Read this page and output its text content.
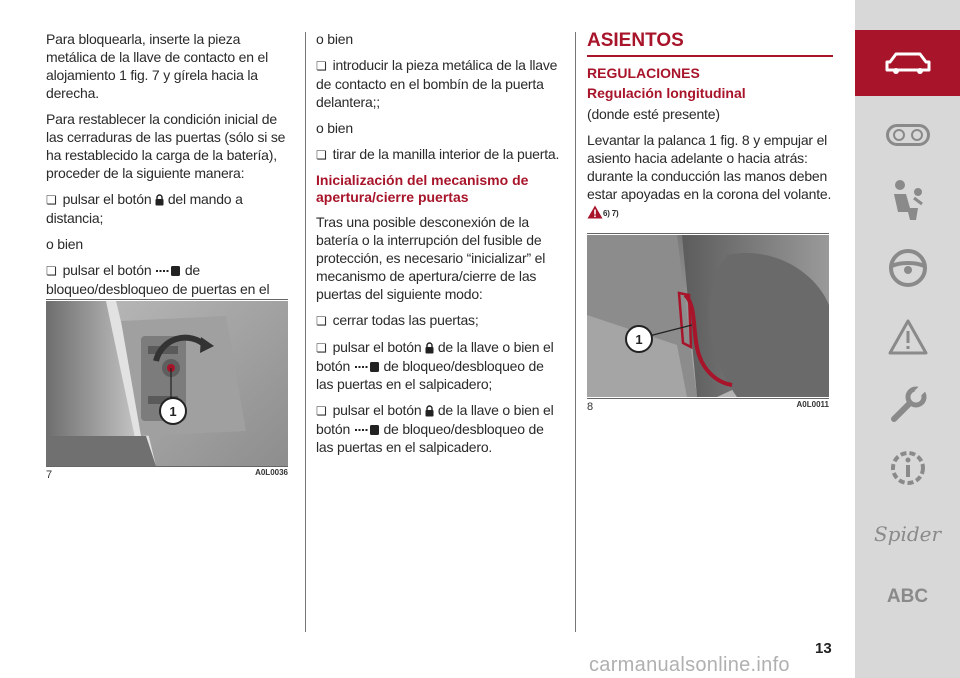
Para bloquearla, inserte la pieza metálica de la llave de contacto en el alojamiento 1 fig. 7 y gírela hacia la derecha.

Para restablecer la condición inicial de las cerraduras de las puertas (sólo si se ha restablecido la carga de la batería), proceder de la siguiente manera:

❏ pulsar el botón del mando a distancia;

o bien

❏ pulsar el botón de bloqueo/desbloqueo de puertas en el

1
7	A0L0036

o bien

❏ introducir la pieza metálica de la llave de contacto en el bombín de la puerta delantera;;

o bien

❏ tirar de la manilla interior de la puerta.

Inicialización del mecanismo de apertura/cierre puertas

Tras una posible desconexión de la batería o la interrupción del fusible de protección, es necesario “inicializar” el mecanismo de apertura/cierre de las puertas del siguiente modo:

❏ cerrar todas las puertas;

❏ pulsar el botón de la llave o bien el botón de bloqueo/desbloqueo de las puertas en el salpicadero;

❏ pulsar el botón de la llave o bien el botón de bloqueo/desbloqueo de las puertas en el salpicadero.

ASIENTOS
REGULACIONES
Regulación longitudinal

(donde esté presente)

Levantar la palanca 1 fig. 8 y empujar el asiento hacia adelante o hacia atrás: durante la conducción las manos deben estar apoyadas en la corona del volante. 6) 7)

1
8	A0L0011
Spider
ABC
13
carmanualsonline.info
